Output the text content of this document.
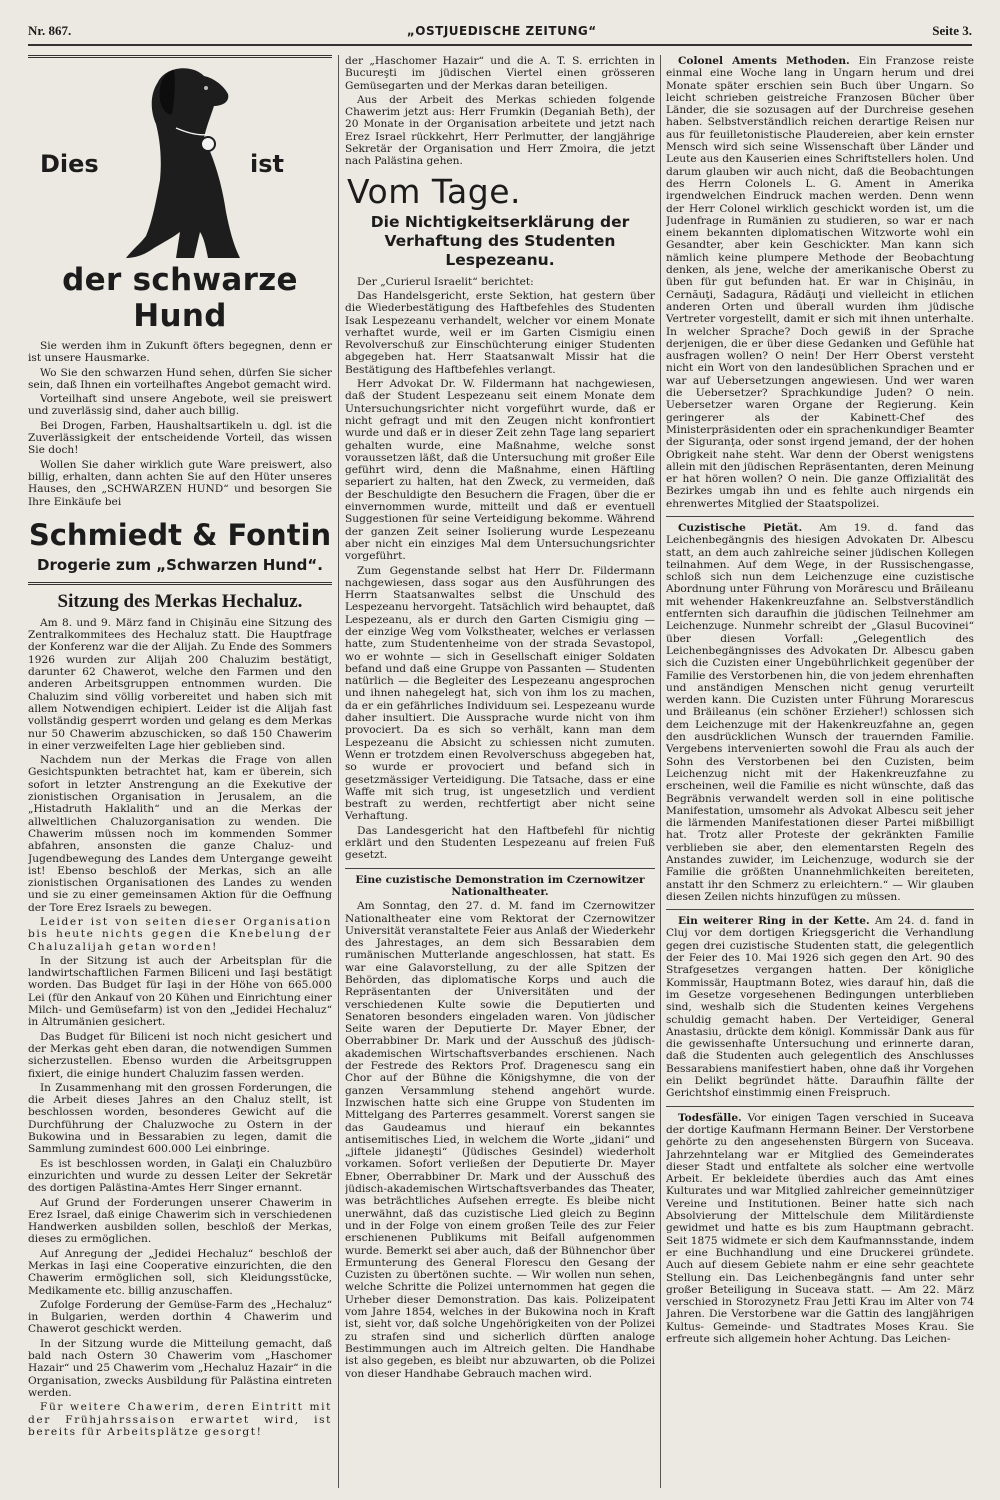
Nr. 867.	„OSTJUEDISCHE ZEITUNG“	Seite 3.
Dies	ist
der schwarze Hund

Sie werden ihm in Zukunft öfters begegnen, denn er ist unsere Hausmarke.

Wo Sie den schwarzen Hund sehen, dürfen Sie sicher sein, daß Ihnen ein vorteilhaftes Angebot gemacht wird.

Vorteilhaft sind unsere Angebote, weil sie preiswert und zuverlässig sind, daher auch billig.

Bei Drogen, Farben, Haushaltsartikeln u. dgl. ist die Zuverlässigkeit der entscheidende Vorteil, das wissen Sie doch!

Wollen Sie daher wirklich gute Ware preiswert, also billig, erhalten, dann achten Sie auf den Hüter unseres Hauses, den „SCHWARZEN HUND“ und besorgen Sie Ihre Einkäufe bei

Schmiedt & Fontin
Drogerie zum „Schwarzen Hund“.
Sitzung des Merkas Hechaluz.

Am 8. und 9. März fand in Chişinău eine Sitzung des Zentralkommitees des Hechaluz statt. Die Hauptfrage der Konferenz war die der Alijah. Zu Ende des Sommers 1926 wurden zur Alijah 200 Chaluzim bestätigt, darunter 62 Chawerot, welche den Farmen und den anderen Arbeitsgruppen entnommen wurden. Die Chaluzim sind völlig vorbereitet und haben sich mit allem Notwendigen echipiert. Leider ist die Alijah fast vollständig gesperrt worden und gelang es dem Merkas nur 50 Chawerim abzuschicken, so daß 150 Chawerim in einer verzweifelten Lage hier geblieben sind.

Nachdem nun der Merkas die Frage von allen Gesichtspunkten betrachtet hat, kam er überein, sich sofort in letzter Anstrengung an die Exekutive der zionistischen Organisation in Jerusalem, an die „Histadruth Haklalith“ und an die Merkas der allweltlichen Chaluzorganisation zu wenden. Die Chawerim müssen noch im kommenden Sommer abfahren, ansonsten die ganze Chaluz- und Jugendbewegung des Landes dem Untergange geweiht ist! Ebenso beschloß der Merkas, sich an alle zionistischen Organisationen des Landes zu wenden und sie zu einer gemeinsamen Aktion für die Oeffnung der Tore Erez Israels zu bewegen.

Leider ist von seiten dieser Organisation bis heute nichts gegen die Knebelung der Chaluzalijah getan worden!

In der Sitzung ist auch der Arbeitsplan für die landwirtschaftlichen Farmen Biliceni und Iaşi bestätigt worden. Das Budget für Iaşi in der Höhe von 665.000 Lei (für den Ankauf von 20 Kühen und Einrichtung einer Milch- und Gemüsefarm) ist von den „Jedidei Hechaluz“ in Altrumänien gesichert.

Das Budget für Biliceni ist noch nicht gesichert und der Merkas geht eben daran, die notwendigen Summen sicherzustellen. Ebenso wurden die Arbeitsgruppen fixiert, die einige hundert Chaluzim fassen werden.

In Zusammenhang mit den grossen Forderungen, die die Arbeit dieses Jahres an den Chaluz stellt, ist beschlossen worden, besonderes Gewicht auf die Durchführung der Chaluzwoche zu Ostern in der Bukowina und in Bessarabien zu legen, damit die Sammlung zumindest 600.000 Lei einbringe.

Es ist beschlossen worden, in Galaţi ein Chaluzbüro einzurichten und wurde zu dessen Leiter der Sekretär des dortigen Palästina-Amtes Herr Singer ernannt.

Auf Grund der Forderungen unserer Chawerim in Erez Israel, daß einige Chawerim sich in verschiedenen Handwerken ausbilden sollen, beschloß der Merkas, dieses zu ermöglichen.

Auf Anregung der „Jedidei Hechaluz“ beschloß der Merkas in Iaşi eine Cooperative einzurichten, die den Chawerim ermöglichen soll, sich Kleidungsstücke, Medikamente etc. billig anzuschaffen.

Zufolge Forderung der Gemüse-Farm des „Hechaluz“ in Bulgarien, werden dorthin 4 Chawerim und Chawerot geschickt werden.

In der Sitzung wurde die Mitteilung gemacht, daß bald nach Ostern 30 Chawerim vom „Haschomer Hazair“ und 25 Chawerim vom „Hechaluz Hazair“ in die Organisation, zwecks Ausbildung für Palästina eintreten werden.

Für weitere Chawerim, deren Eintritt mit der Frühjahrssaison erwartet wird, ist bereits für Arbeitsplätze gesorgt!

der „Haschomer Hazair“ und die A. T. S. errichten in Bucureşti im jüdischen Viertel einen grösseren Gemüsegarten und der Merkas daran beteiligen.

Aus der Arbeit des Merkas schieden folgende Chawerim jetzt aus: Herr Frumkin (Deganiah Beth), der 20 Monate in der Organisation arbeitete und jetzt nach Erez Israel rückkehrt, Herr Perlmutter, der langjährige Sekretär der Organisation und Herr Zmoira, die jetzt nach Palästina gehen.

Vom Tage.
Die Nichtigkeitserklärung der Verhaftung des Studenten Lespezeanu.

Der „Curierul Israelit“ berichtet:

Das Handelsgericht, erste Sektion, hat gestern über die Wiederbestätigung des Haftbefehles des Studenten Isak Lespezeanu verhandelt, welcher vor einem Monate verhaftet wurde, weil er im Garten Cismigiu einen Revolverschuß zur Einschüchterung einiger Studenten abgegeben hat. Herr Staatsanwalt Missir hat die Bestätigung des Haftbefehles verlangt.

Herr Advokat Dr. W. Fildermann hat nachgewiesen, daß der Student Lespezeanu seit einem Monate dem Untersuchungsrichter nicht vorgeführt wurde, daß er nicht gefragt und mit den Zeugen nicht konfrontiert wurde und daß er in dieser Zeit zehn Tage lang separiert gehalten wurde, eine Maßnahme, welche sonst voraussetzen läßt, daß die Untersuchung mit großer Eile geführt wird, denn die Maßnahme, einen Häftling separiert zu halten, hat den Zweck, zu vermeiden, daß der Beschuldigte den Besuchern die Fragen, über die er einvernommen wurde, mitteilt und daß er eventuell Suggestionen für seine Verteidigung bekomme. Während der ganzen Zeit seiner Isolierung wurde Lespezeanu aber nicht ein einziges Mal dem Untersuchungsrichter vorgeführt.

Zum Gegenstande selbst hat Herr Dr. Fildermann nachgewiesen, dass sogar aus den Ausführungen des Herrn Staatsanwaltes selbst die Unschuld des Lespezeanu hervorgeht. Tatsächlich wird behauptet, daß Lespezeanu, als er durch den Garten Cismigiu ging — der einzige Weg vom Volkstheater, welches er verlassen hatte, zum Studentenheime von der strada Sevastopol, wo er wohnte — sich in Gesellschaft einiger Soldaten befand und daß eine Gruppe von Passanten — Studenten natürlich — die Begleiter des Lespezeanu angesprochen und ihnen nahegelegt hat, sich von ihm los zu machen, da er ein gefährliches Individuum sei. Lespezeanu wurde daher insultiert. Die Aussprache wurde nicht von ihm provociert. Da es sich so verhält, kann man dem Lespezeanu die Absicht zu schiessen nicht zumuten. Wenn er trotzdem einen Revolverschuss abgegeben hat, so wurde er provociert und befand sich in gesetzmässiger Verteidigung. Die Tatsache, dass er eine Waffe mit sich trug, ist ungesetzlich und verdient bestraft zu werden, rechtfertigt aber nicht seine Verhaftung.

Das Landesgericht hat den Haftbefehl für nichtig erklärt und den Studenten Lespezeanu auf freien Fuß gesetzt.

Eine cuzistische Demonstration im Czernowitzer Nationaltheater.

Am Sonntag, den 27. d. M. fand im Czernowitzer Nationaltheater eine vom Rektorat der Czernowitzer Universität veranstaltete Feier aus Anlaß der Wiederkehr des Jahrestages, an dem sich Bessarabien dem rumänischen Mutterlande angeschlossen, hat statt. Es war eine Galavorstellung, zu der alle Spitzen der Behörden, das diplomatische Korps und auch die Repräsentanten der Universitäten und der verschiedenen Kulte sowie die Deputierten und Senatoren besonders eingeladen waren. Von jüdischer Seite waren der Deputierte Dr. Mayer Ebner, der Oberrabbiner Dr. Mark und der Ausschuß des jüdisch-akademischen Wirtschaftsverbandes erschienen. Nach der Festrede des Rektors Prof. Dragenescu sang ein Chor auf der Bühne die Königshymne, die von der ganzen Versammlung stehend angehört wurde. Inzwischen hatte sich eine Gruppe von Studenten im Mittelgang des Parterres gesammelt. Vorerst sangen sie das Gaudeamus und hierauf ein bekanntes antisemitisches Lied, in welchem die Worte „jidani“ und „jiftele jidaneşti“ (Jüdisches Gesindel) wiederholt vorkamen. Sofort verließen der Deputierte Dr. Mayer Ebner, Oberrabbiner Dr. Mark und der Ausschuß des jüdisch-akademischen Wirtschaftsverbandes das Theater, was beträchtliches Aufsehen erregte. Es bleibe nicht unerwähnt, daß das cuzistische Lied gleich zu Beginn und in der Folge von einem großen Teile des zur Feier erschienenen Publikums mit Beifall aufgenommen wurde. Bemerkt sei aber auch, daß der Bühnenchor über Ermunterung des General Florescu den Gesang der Cuzisten zu übertönen suchte. — Wir wollen nun sehen, welche Schritte die Polizei unternommen hat gegen die Urheber dieser Demonstration. Das kais. Polizeipatent vom Jahre 1854, welches in der Bukowina noch in Kraft ist, sieht vor, daß solche Ungehörigkeiten von der Polizei zu strafen sind und sicherlich dürften analoge Bestimmungen auch im Altreich gelten. Die Handhabe ist also gegeben, es bleibt nur abzuwarten, ob die Polizei von dieser Handhabe Gebrauch machen wird.

Colonel Aments Methoden. Ein Franzose reiste einmal eine Woche lang in Ungarn herum und drei Monate später erschien sein Buch über Ungarn. So leicht schrieben geistreiche Franzosen Bücher über Länder, die sie sozusagen auf der Durchreise gesehen haben. Selbstverständlich reichen derartige Reisen nur aus für feuilletonistische Plaudereien, aber kein ernster Mensch wird sich seine Wissenschaft über Länder und Leute aus den Kauserien eines Schriftstellers holen. Und darum glauben wir auch nicht, daß die Beobachtungen des Herrn Colonels L. G. Ament in Amerika irgendwelchen Eindruck machen werden. Denn wenn der Herr Colonel wirklich geschickt worden ist, um die Judenfrage in Rumänien zu studieren, so war er nach einem bekannten diplomatischen Witzworte wohl ein Gesandter, aber kein Geschickter. Man kann sich nämlich keine plumpere Methode der Beobachtung denken, als jene, welche der amerikanische Oberst zu üben für gut befunden hat. Er war in Chişinău, in Cernăuţi, Sadagura, Rădăuţi und vielleicht in etlichen anderen Orten und überall wurden ihm jüdische Vertreter vorgestellt, damit er sich mit ihnen unterhalte. In welcher Sprache? Doch gewiß in der Sprache derjenigen, die er über diese Gedanken und Gefühle hat ausfragen wollen? O nein! Der Herr Oberst versteht nicht ein Wort von den landesüblichen Sprachen und er war auf Uebersetzungen angewiesen. Und wer waren die Uebersetzer? Sprachkundige Juden? O nein. Uebersetzer waren Organe der Regierung. Kein geringerer als der Kabinett-Chef des Ministerpräsidenten oder ein sprachenkundiger Beamter der Siguranţa, oder sonst irgend jemand, der der hohen Obrigkeit nahe steht. War denn der Oberst wenigstens allein mit den jüdischen Repräsentanten, deren Meinung er hat hören wollen? O nein. Die ganze Offizialität des Bezirkes umgab ihn und es fehlte auch nirgends ein ehrenwertes Mitglied der Staatspolizei.

Cuzistische Pietät. Am 19. d. fand das Leichenbegängnis des hiesigen Advokaten Dr. Albescu statt, an dem auch zahlreiche seiner jüdischen Kollegen teilnahmen. Auf dem Wege, in der Russischengasse, schloß sich nun dem Leichenzuge eine cuzistische Abordnung unter Führung von Morărescu und Brăileanu mit wehender Hakenkreuzfahne an. Selbstverständlich entfernten sich daraufhin die jüdischen Teilnehmer am Leichenzuge. Nunmehr schreibt der „Glasul Bucovinei“ über diesen Vorfall: „Gelegentlich des Leichenbegängnisses des Advokaten Dr. Albescu gaben sich die Cuzisten einer Ungebührlichkeit gegenüber der Familie des Verstorbenen hin, die von jedem ehrenhaften und anständigen Menschen nicht genug verurteilt werden kann. Die Cuzisten unter Führung Morarescus und Bräileanus (ein schöner Erzieher!) schlossen sich dem Leichenzuge mit der Hakenkreuzfahne an, gegen den ausdrücklichen Wunsch der trauernden Familie. Vergebens intervenierten sowohl die Frau als auch der Sohn des Verstorbenen bei den Cuzisten, beim Leichenzug nicht mit der Hakenkreuzfahne zu erscheinen, weil die Familie es nicht wünschte, daß das Begräbnis verwandelt werden soll in eine politische Manifestation, umsomehr als Advokat Albescu seit jeher die lärmenden Manifestationen dieser Partei mißbilligt hat. Trotz aller Proteste der gekränkten Familie verblieben sie aber, den elementarsten Regeln des Anstandes zuwider, im Leichenzuge, wodurch sie der Familie die größten Unannehmlichkeiten bereiteten, anstatt ihr den Schmerz zu erleichtern.“ — Wir glauben diesen Zeilen nichts hinzufügen zu müssen.

Ein weiterer Ring in der Kette. Am 24. d. fand in Cluj vor dem dortigen Kriegsgericht die Verhandlung gegen drei cuzistische Studenten statt, die gelegentlich der Feier des 10. Mai 1926 sich gegen den Art. 90 des Strafgesetzes vergangen hatten. Der königliche Kommissär, Hauptmann Botez, wies darauf hin, daß die im Gesetze vorgesehenen Bedingungen unterblieben sind, weshalb sich die Studenten keines Vergehens schuldig gemacht haben. Der Verteidiger, General Anastasiu, drückte dem königl. Kommissär Dank aus für die gewissenhafte Untersuchung und erinnerte daran, daß die Studenten auch gelegentlich des Anschlusses Bessarabiens manifestiert haben, ohne daß ihr Vorgehen ein Delikt begründet hätte. Daraufhin fällte der Gerichtshof einstimmig einen Freispruch.

Todesfälle. Vor einigen Tagen verschied in Suceava der dortige Kaufmann Hermann Beiner. Der Verstorbene gehörte zu den angesehensten Bürgern von Suceava. Jahrzehntelang war er Mitglied des Gemeinderates dieser Stadt und entfaltete als solcher eine wertvolle Arbeit. Er bekleidete überdies auch das Amt eines Kulturates und war Mitglied zahlreicher gemeinnütziger Vereine und Institutionen. Beiner hatte sich nach Absolvierung der Mittelschule dem Militärdienste gewidmet und hatte es bis zum Hauptmann gebracht. Seit 1875 widmete er sich dem Kaufmannsstande, indem er eine Buchhandlung und eine Druckerei gründete. Auch auf diesem Gebiete nahm er eine sehr geachtete Stellung ein. Das Leichenbegängnis fand unter sehr großer Beteiligung in Suceava statt. — Am 22. März verschied in Storozynetz Frau Jetti Krau im Alter von 74 Jahren. Die Verstorbene war die Gattin des langjährigen Kultus- Gemeinde- und Stadtrates Moses Krau. Sie erfreute sich allgemein hoher Achtung. Das Leichen-
